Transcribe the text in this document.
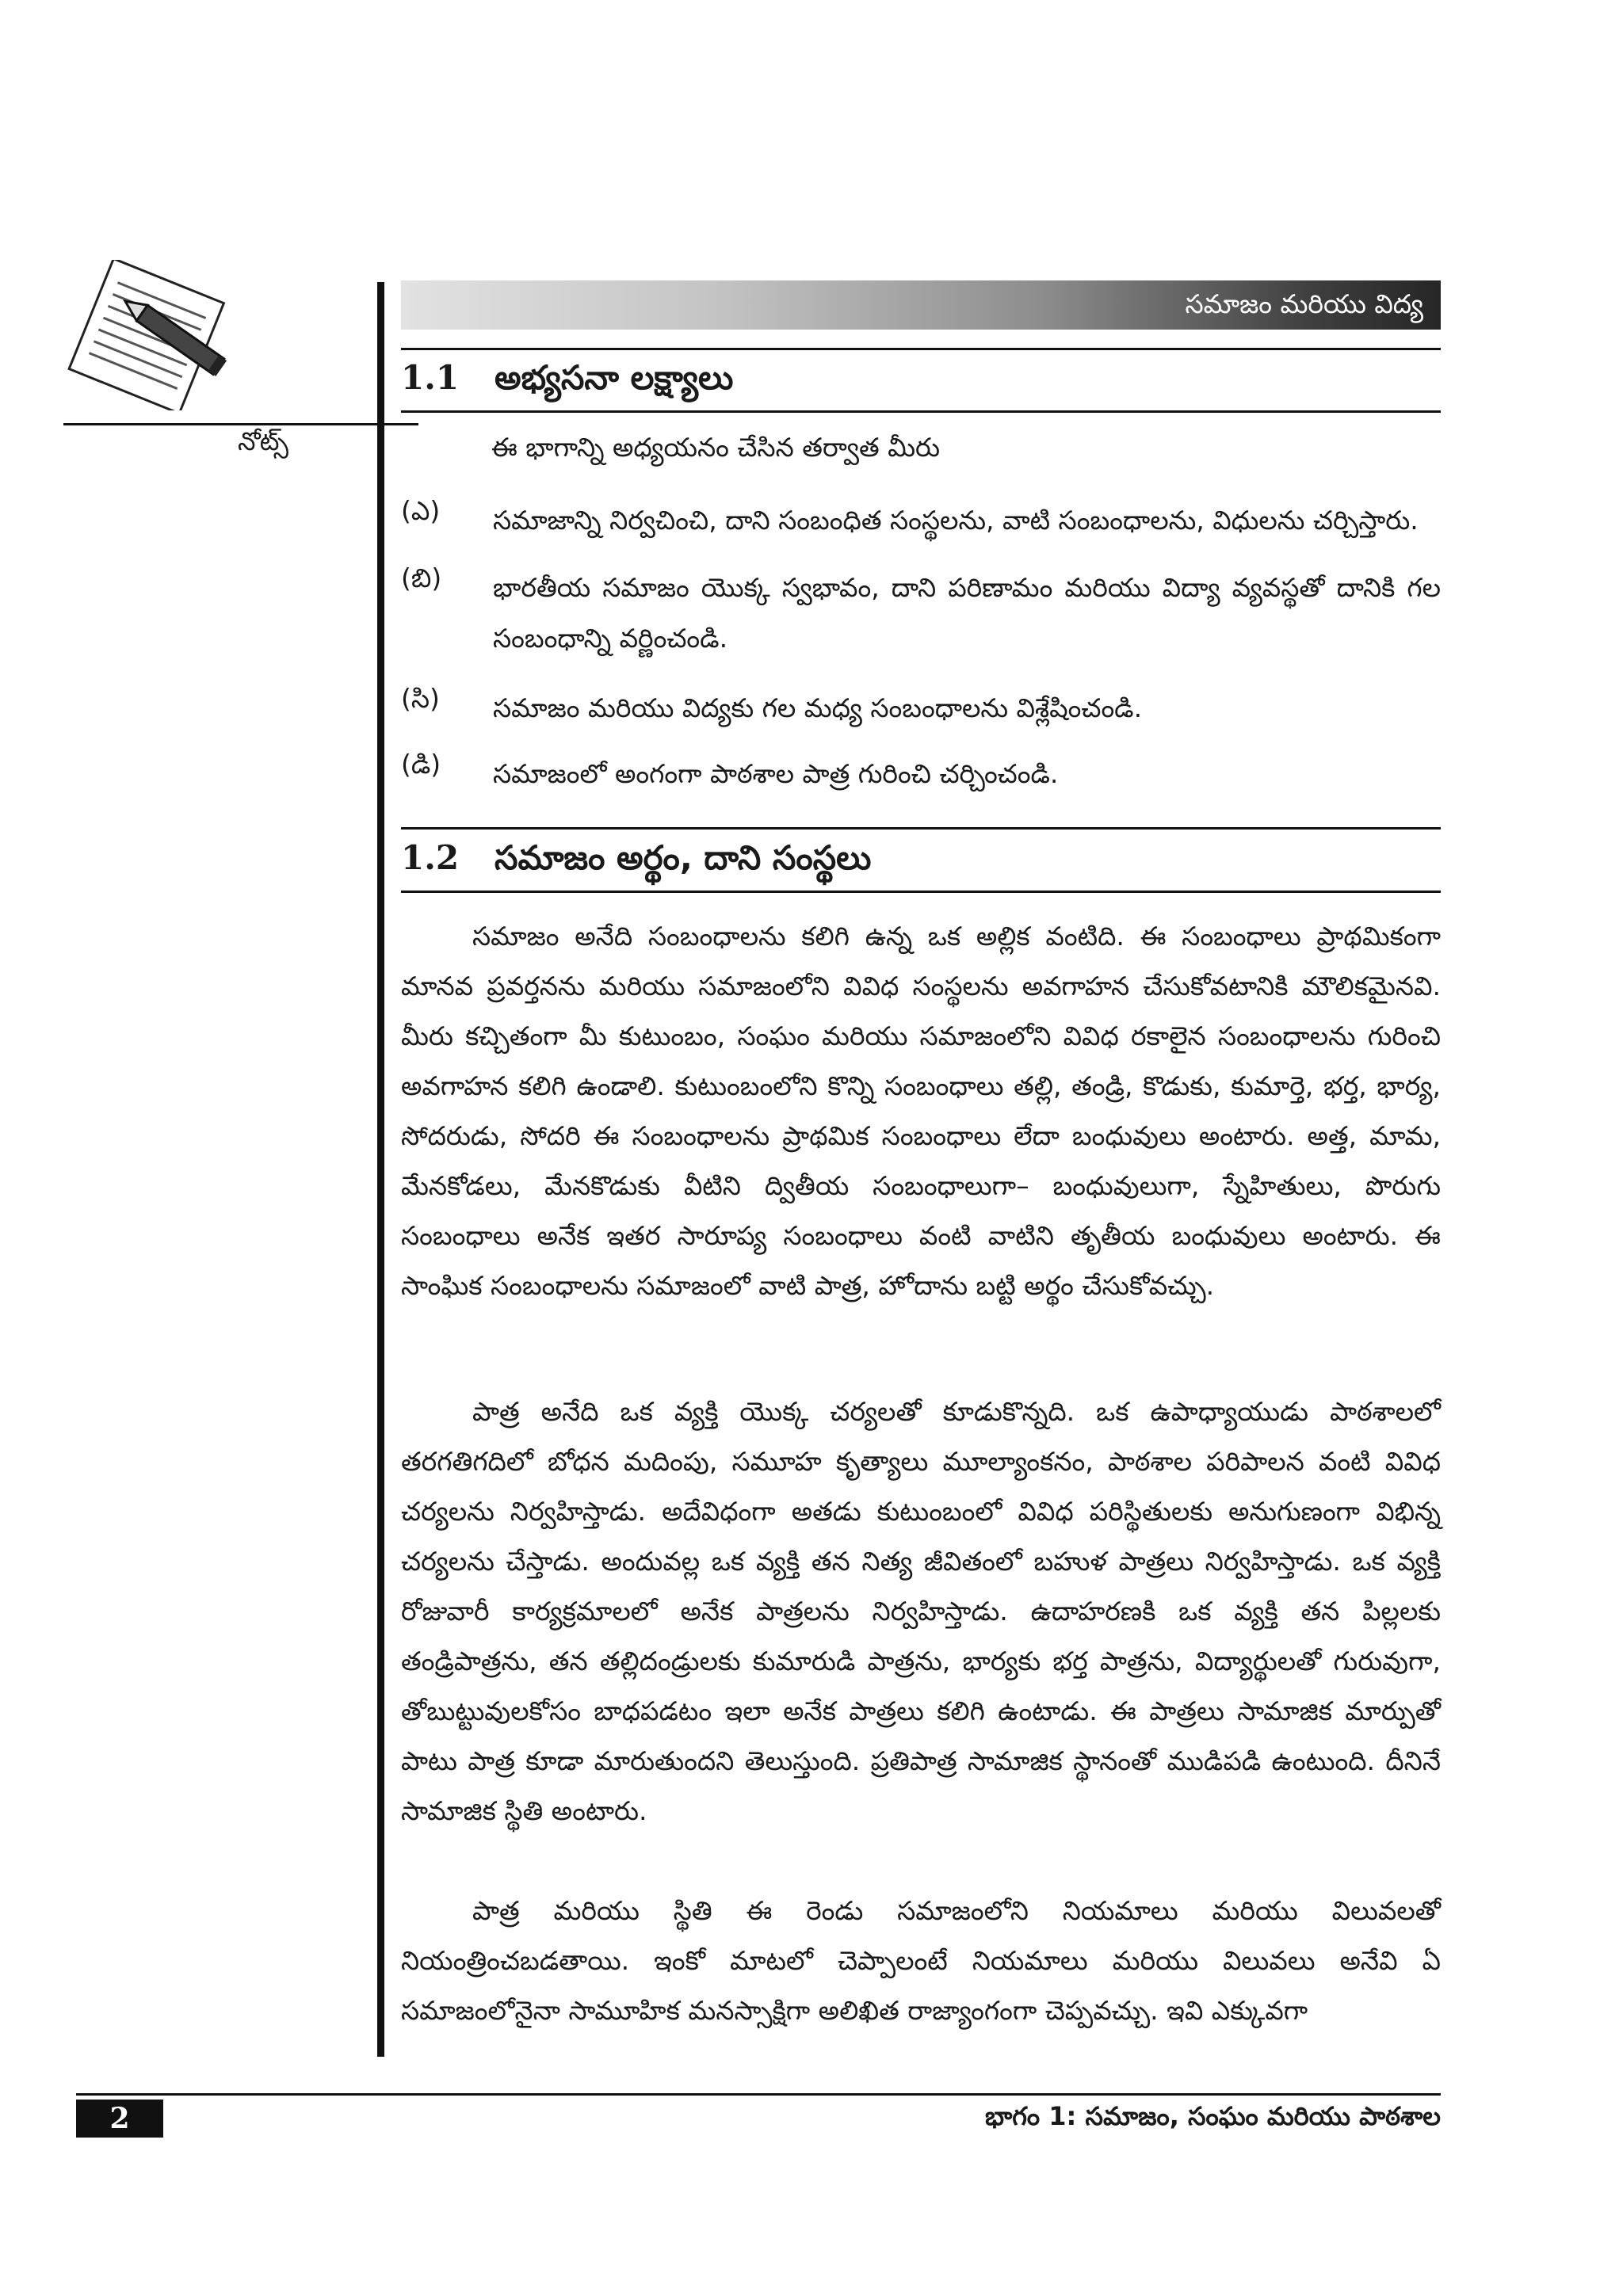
నోట్స్
సమాజం మరియు విద్య
1.1 అభ్యసనా లక్ష్యాలు
ఈ భాగాన్ని అధ్యయనం చేసిన తర్వాత మీరు
(ఎ) సమాజాన్ని నిర్వచించి, దాని సంబంధిత సంస్థలను, వాటి సంబంధాలను, విధులను చర్చిస్తారు.
(బి) భారతీయ సమాజం యొక్క స్వభావం, దాని పరిణామం మరియు విద్యా వ్యవస్థతో దానికి గల సంబంధాన్ని వర్ణించండి.
(సి) సమాజం మరియు విద్యకు గల మధ్య సంబంధాలను విశ్లేషించండి.
(డి) సమాజంలో అంగంగా పాఠశాల పాత్ర గురించి చర్చించండి.
1.2 సమాజం అర్థం, దాని సంస్థలు
సమాజం అనేది సంబంధాలను కలిగి ఉన్న ఒక అల్లిక వంటిది. ఈ సంబంధాలు ప్రాథమికంగా మానవ ప్రవర్తనను మరియు సమాజంలోని వివిధ సంస్థలను అవగాహన చేసుకోవటానికి మౌలికమైనవి. మీరు కచ్చితంగా మీ కుటుంబం, సంఘం మరియు సమాజంలోని వివిధ రకాలైన సంబంధాలను గురించి అవగాహన కలిగి ఉండాలి. కుటుంబంలోని కొన్ని సంబంధాలు తల్లి, తండ్రి, కొడుకు, కుమార్తె, భర్త, భార్య, సోదరుడు, సోదరి ఈ సంబంధాలను ప్రాథమిక సంబంధాలు లేదా బంధువులు అంటారు. అత్త, మామ, మేనకోడలు, మేనకొడుకు వీటిని ద్వితీయ సంబంధాలుగా– బంధువులుగా, స్నేహితులు, పొరుగు సంబంధాలు అనేక ఇతర సారూప్య సంబంధాలు వంటి వాటిని తృతీయ బంధువులు అంటారు. ఈ సాంఘిక సంబంధాలను సమాజంలో వాటి పాత్ర, హోదాను బట్టి అర్థం చేసుకోవచ్చు.
పాత్ర అనేది ఒక వ్యక్తి యొక్క చర్యలతో కూడుకొన్నది. ఒక ఉపాధ్యాయుడు పాఠశాలలో తరగతిగదిలో బోధన మదింపు, సమూహ కృత్యాలు మూల్యాంకనం, పాఠశాల పరిపాలన వంటి వివిధ చర్యలను నిర్వహిస్తాడు. అదేవిధంగా అతడు కుటుంబంలో వివిధ పరిస్థితులకు అనుగుణంగా విభిన్న చర్యలను చేస్తాడు. అందువల్ల ఒక వ్యక్తి తన నిత్య జీవితంలో బహుళ పాత్రలు నిర్వహిస్తాడు. ఒక వ్యక్తి రోజువారీ కార్యక్రమాలలో అనేక పాత్రలను నిర్వహిస్తాడు. ఉదాహరణకి ఒక వ్యక్తి తన పిల్లలకు తండ్రిపాత్రను, తన తల్లిదండ్రులకు కుమారుడి పాత్రను, భార్యకు భర్త పాత్రను, విద్యార్థులతో గురువుగా, తోబుట్టువులకోసం బాధపడటం ఇలా అనేక పాత్రలు కలిగి ఉంటాడు. ఈ పాత్రలు సామాజిక మార్పుతో పాటు పాత్ర కూడా మారుతుందని తెలుస్తుంది. ప్రతిపాత్ర సామాజిక స్థానంతో ముడిపడి ఉంటుంది. దీనినే సామాజిక స్థితి అంటారు.
పాత్ర మరియు స్థితి ఈ రెండు సమాజంలోని నియమాలు మరియు విలువలతో నియంత్రించబడతాయి. ఇంకో మాటలో చెప్పాలంటే నియమాలు మరియు విలువలు అనేవి ఏ సమాజంలోనైనా సామూహిక మనస్సాక్షిగా అలిఖిత రాజ్యాంగంగా చెప్పవచ్చు. ఇవి ఎక్కువగా
2	భాగం 1: సమాజం, సంఘం మరియు పాఠశాల
